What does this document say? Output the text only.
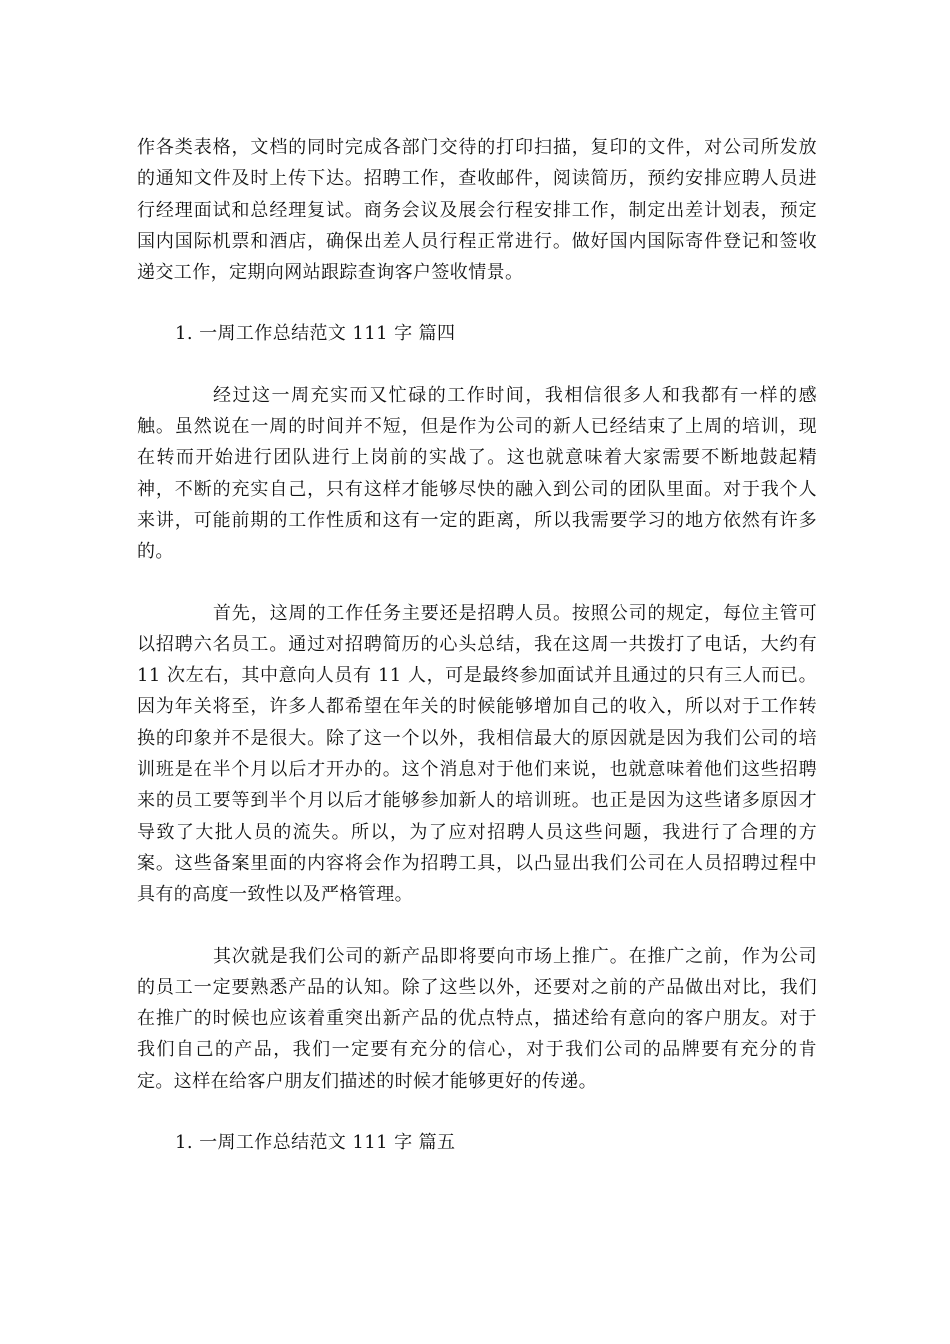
作各类表格，文档的同时完成各部门交待的打印扫描，复印的文件，对公司所发放的通知文件及时上传下达。招聘工作，查收邮件，阅读简历，预约安排应聘人员进行经理面试和总经理复试。商务会议及展会行程安排工作，制定出差计划表，预定国内国际机票和酒店，确保出差人员行程正常进行。做好国内国际寄件登记和签收递交工作，定期向网站跟踪查询客户签收情景。

1. 一周工作总结范文 111 字 篇四

经过这一周充实而又忙碌的工作时间，我相信很多人和我都有一样的感触。虽然说在一周的时间并不短，但是作为公司的新人已经结束了上周的培训，现在转而开始进行团队进行上岗前的实战了。这也就意味着大家需要不断地鼓起精神，不断的充实自己，只有这样才能够尽快的融入到公司的团队里面。对于我个人来讲，可能前期的工作性质和这有一定的距离，所以我需要学习的地方依然有许多的。

首先，这周的工作任务主要还是招聘人员。按照公司的规定，每位主管可以招聘六名员工。通过对招聘简历的心头总结，我在这周一共拨打了电话，大约有 11 次左右，其中意向人员有 11 人，可是最终参加面试并且通过的只有三人而已。因为年关将至，许多人都希望在年关的时候能够增加自己的收入，所以对于工作转换的印象并不是很大。除了这一个以外，我相信最大的原因就是因为我们公司的培训班是在半个月以后才开办的。这个消息对于他们来说，也就意味着他们这些招聘来的员工要等到半个月以后才能够参加新人的培训班。也正是因为这些诸多原因才导致了大批人员的流失。所以，为了应对招聘人员这些问题，我进行了合理的方案。这些备案里面的内容将会作为招聘工具，以凸显出我们公司在人员招聘过程中具有的高度一致性以及严格管理。

其次就是我们公司的新产品即将要向市场上推广。在推广之前，作为公司的员工一定要熟悉产品的认知。除了这些以外，还要对之前的产品做出对比，我们在推广的时候也应该着重突出新产品的优点特点，描述给有意向的客户朋友。对于我们自己的产品，我们一定要有充分的信心，对于我们公司的品牌要有充分的肯定。这样在给客户朋友们描述的时候才能够更好的传递。

1. 一周工作总结范文 111 字 篇五
